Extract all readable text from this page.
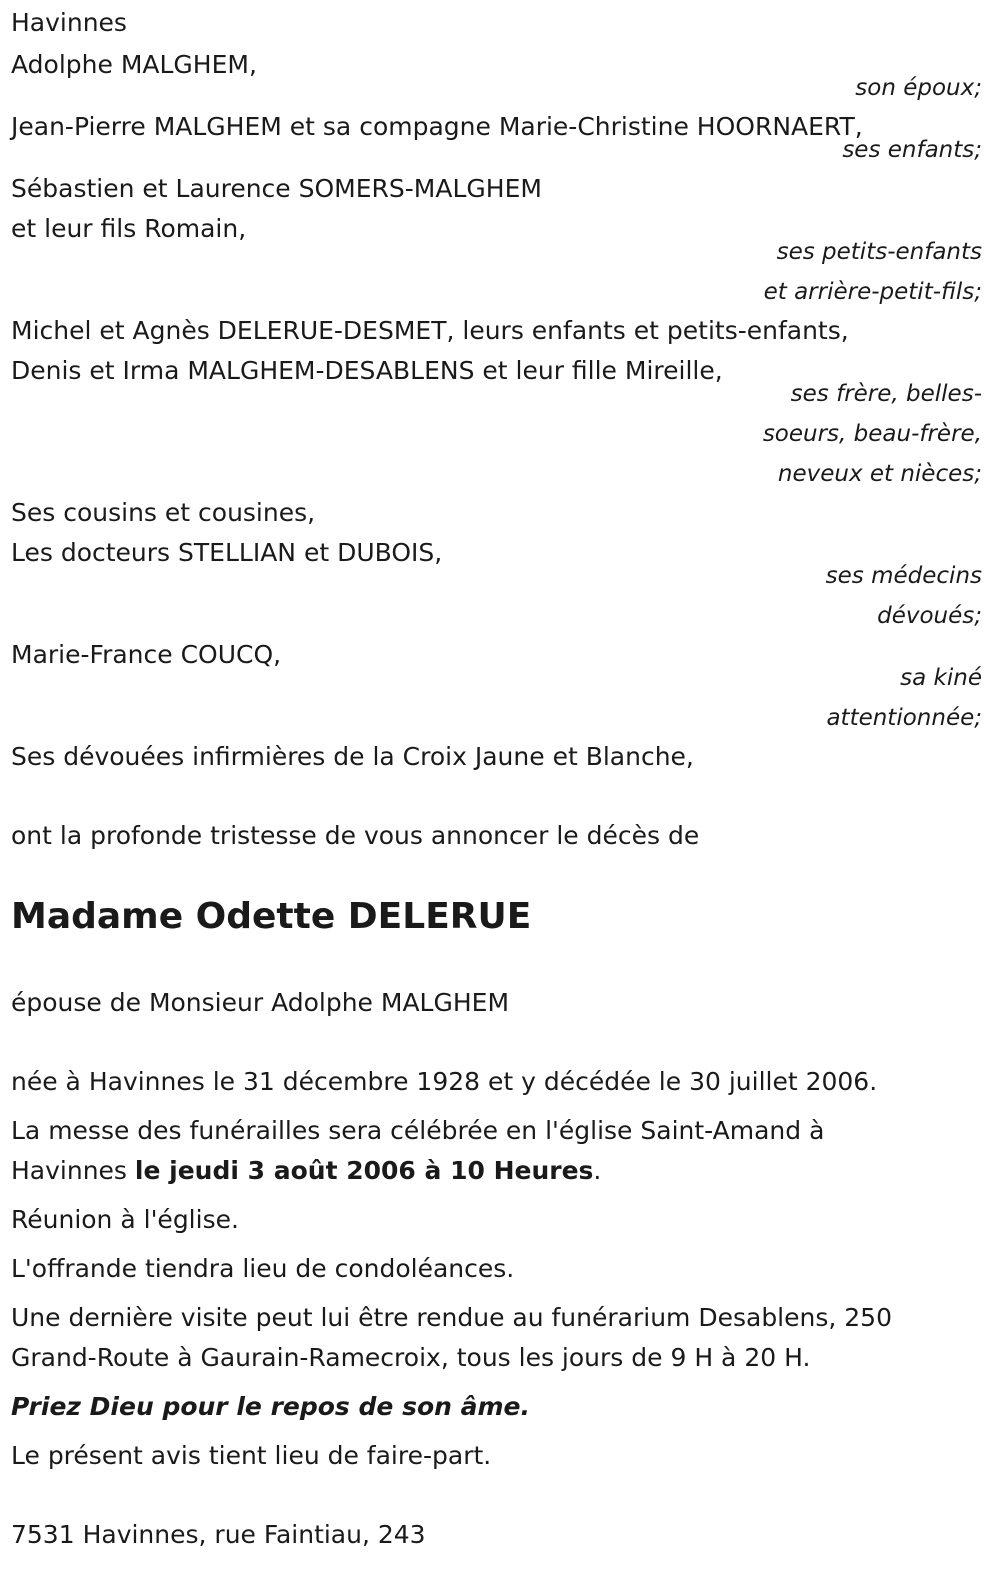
Havinnes
Adolphe MALGHEM,
son époux;
Jean-Pierre MALGHEM et sa compagne Marie-Christine HOORNAERT,
ses enfants;
Sébastien et Laurence SOMERS-MALGHEM
et leur fils Romain,
ses petits-enfants
et arrière-petit-fils;
Michel et Agnès DELERUE-DESMET, leurs enfants et petits-enfants,
Denis et Irma MALGHEM-DESABLENS et leur fille Mireille,
ses frère, belles-
soeurs, beau-frère,
neveux et nièces;
Ses cousins et cousines,
Les docteurs STELLIAN et DUBOIS,
ses médecins
dévoués;
Marie-France COUCQ,
sa kiné
attentionnée;
Ses dévouées infirmières de la Croix Jaune et Blanche,
ont la profonde tristesse de vous annoncer le décès de
Madame Odette DELERUE
épouse de Monsieur Adolphe MALGHEM
née à Havinnes le 31 décembre 1928 et y décédée le 30 juillet 2006.
La messe des funérailles sera célébrée en l'église Saint-Amand à
Havinnes le jeudi 3 août 2006 à 10 Heures.
Réunion à l'église.
L'offrande tiendra lieu de condoléances.
Une dernière visite peut lui être rendue au funérarium Desablens, 250
Grand-Route à Gaurain-Ramecroix, tous les jours de 9 H à 20 H.
Priez Dieu pour le repos de son âme.
Le présent avis tient lieu de faire-part.
7531 Havinnes, rue Faintiau, 243
